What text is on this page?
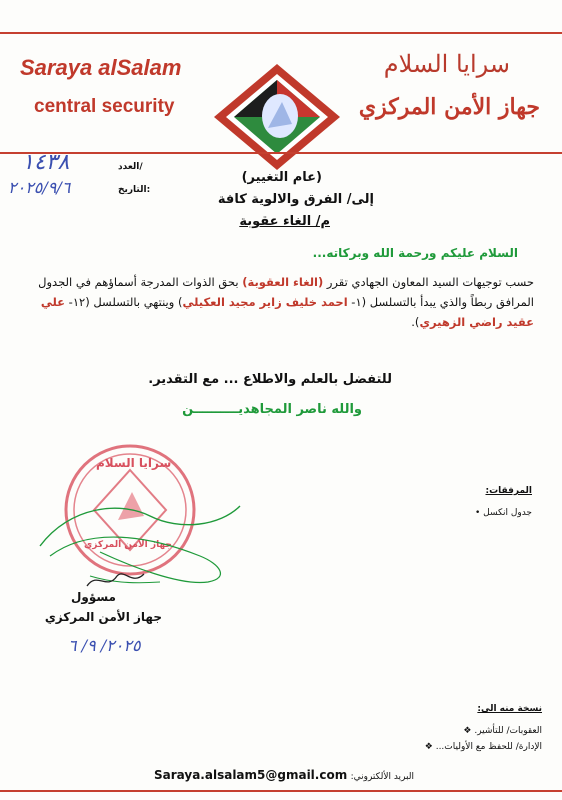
Saraya alSalam
central security
سرايا السلام
جهاز الأمن المركزي
١٤٣٨	العدد/
٢٠٢٥/٩/٦	التاريخ:
(عام التغيير)
إلى/ الفرق والالوية كافة
م/ الغاء عقوبة
السلام عليكم ورحمة الله وبركاته...
حسب توجيهات السيد المعاون الجهادي تقرر (الغاء العقوبة) بحق الذوات المدرجة أسماؤهم في الجدول المرافق ربطاً والذي يبدأ بالتسلسل (١- احمد خليف زاير مجيد العكيلي) وينتهي بالتسلسل (١٢- علي عقيد راضي الزهيري).
للتفضل بالعلم والاطلاع ... مع التقدير.
والله ناصر المجاهديــــــــــن
سرايا السلام
جهاز الأمن المركزي
المرفقات:
جدول انكسل •
مسؤول
جهاز الأمن المركزي
٢٠٢٥/ ٩/ ٦
نسخة منه الى:
العقوبات/ للتأشير. ❖
الإدارة/ للحفظ مع الأوليات... ❖
Saraya.alsalam5@gmail.com البريد الألكتروني:
